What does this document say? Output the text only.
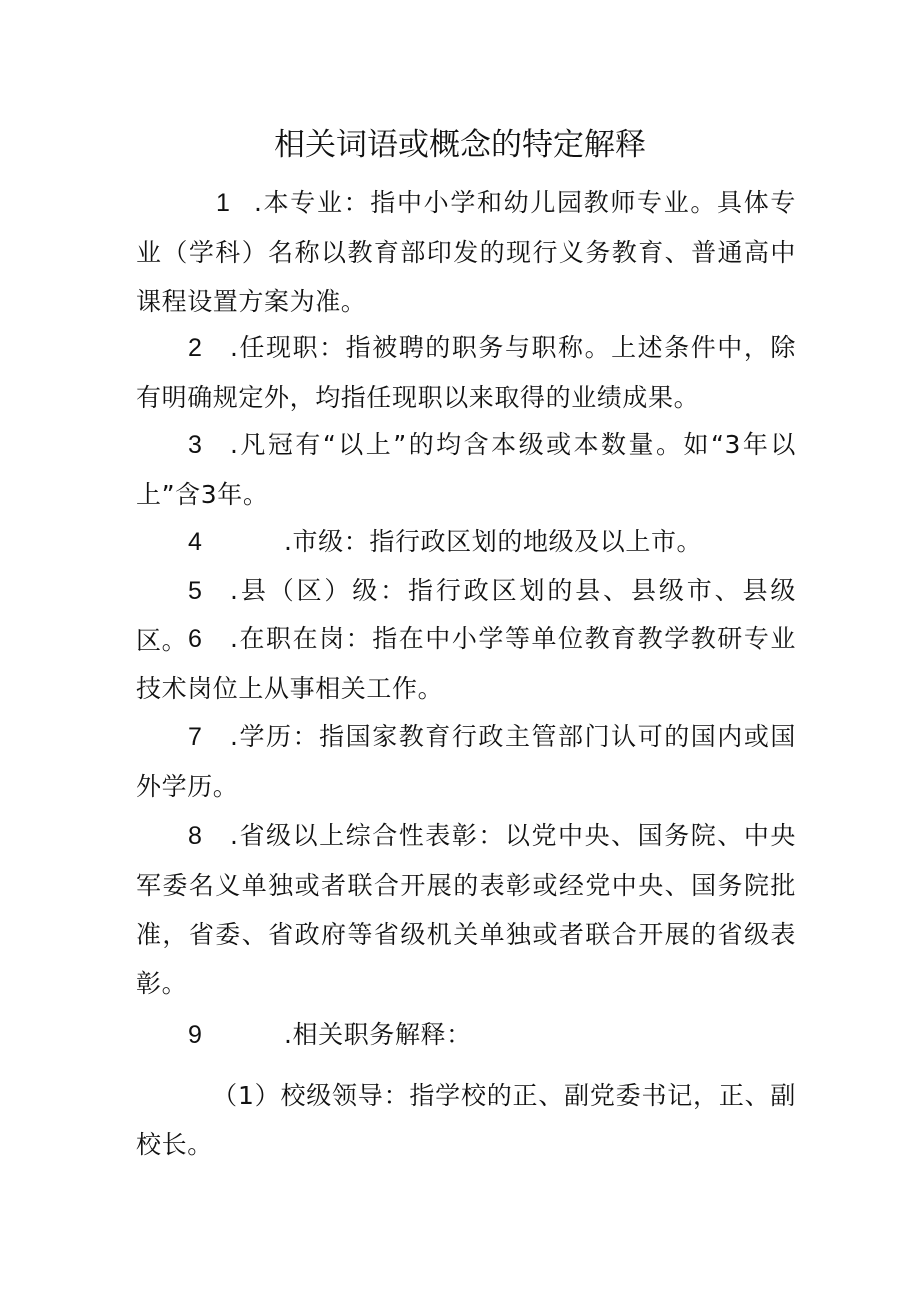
相关词语或概念的特定解释

1 .本专业：指中小学和幼儿园教师专业。具体专业（学科）名称以教育部印发的现行义务教育、普通高中课程设置方案为准。

2 .任现职：指被聘的职务与职称。上述条件中，除有明确规定外，均指任现职以来取得的业绩成果。

3 .凡冠有“以上”的均含本级或本数量。如“3年以上”含3年。

4	.市级：指行政区划的地级及以上市。

5 .县（区）级：指行政区划的县、县级市、县级区。 6 .在职在岗：指在中小学等单位教育教学教研专业技术岗位上从事相关工作。

7 .学历：指国家教育行政主管部门认可的国内或国外学历。

8 .省级以上综合性表彰：以党中央、国务院、中央军委名义单独或者联合开展的表彰或经党中央、国务院批准，省委、省政府等省级机关单独或者联合开展的省级表彰。

9	.相关职务解释：

（1）校级领导：指学校的正、副党委书记，正、副校长。
